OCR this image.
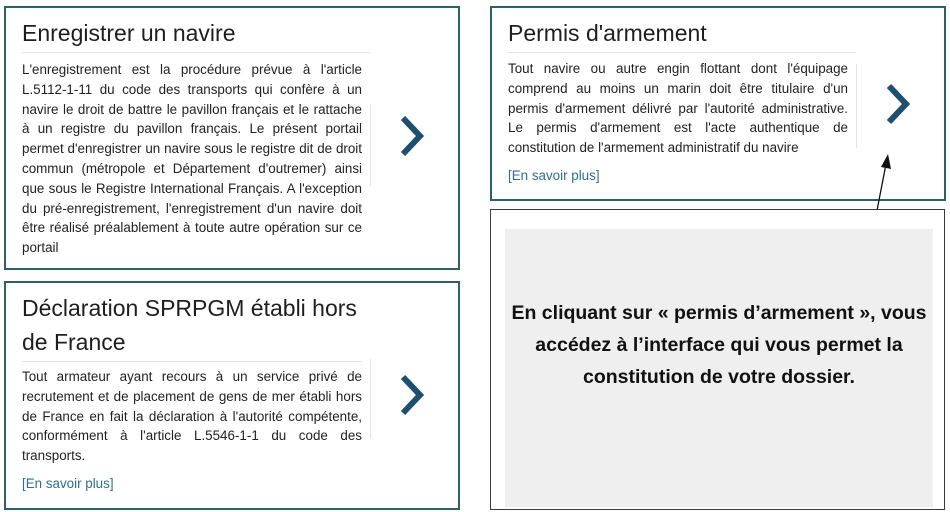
Enregistrer un navire
L'enregistrement est la procédure prévue à l'article L.5112-1-11 du code des transports qui confère à un navire le droit de battre le pavillon français et le rattache à un registre du pavillon français. Le présent portail permet d'enregistrer un navire sous le registre dit de droit commun (métropole et Département d'outremer) ainsi que sous le Registre International Français. A l'exception du pré-enregistrement, l'enregistrement d'un navire doit être réalisé préalablement à toute autre opération sur ce portail
Déclaration SPRPGM établi hors de France
Tout armateur ayant recours à un service privé de recrutement et de placement de gens de mer établi hors de France en fait la déclaration à l'autorité compétente, conformément à l'article L.5546-1-1 du code des transports.
[En savoir plus]
Permis d'armement
Tout navire ou autre engin flottant dont l'équipage comprend au moins un marin doit être titulaire d'un permis d'armement délivré par l'autorité administrative. Le permis d'armement est l'acte authentique de constitution de l'armement administratif du navire
[En savoir plus]
En cliquant sur « permis d’armement », vous accédez à l’interface qui vous permet la constitution de votre dossier.
